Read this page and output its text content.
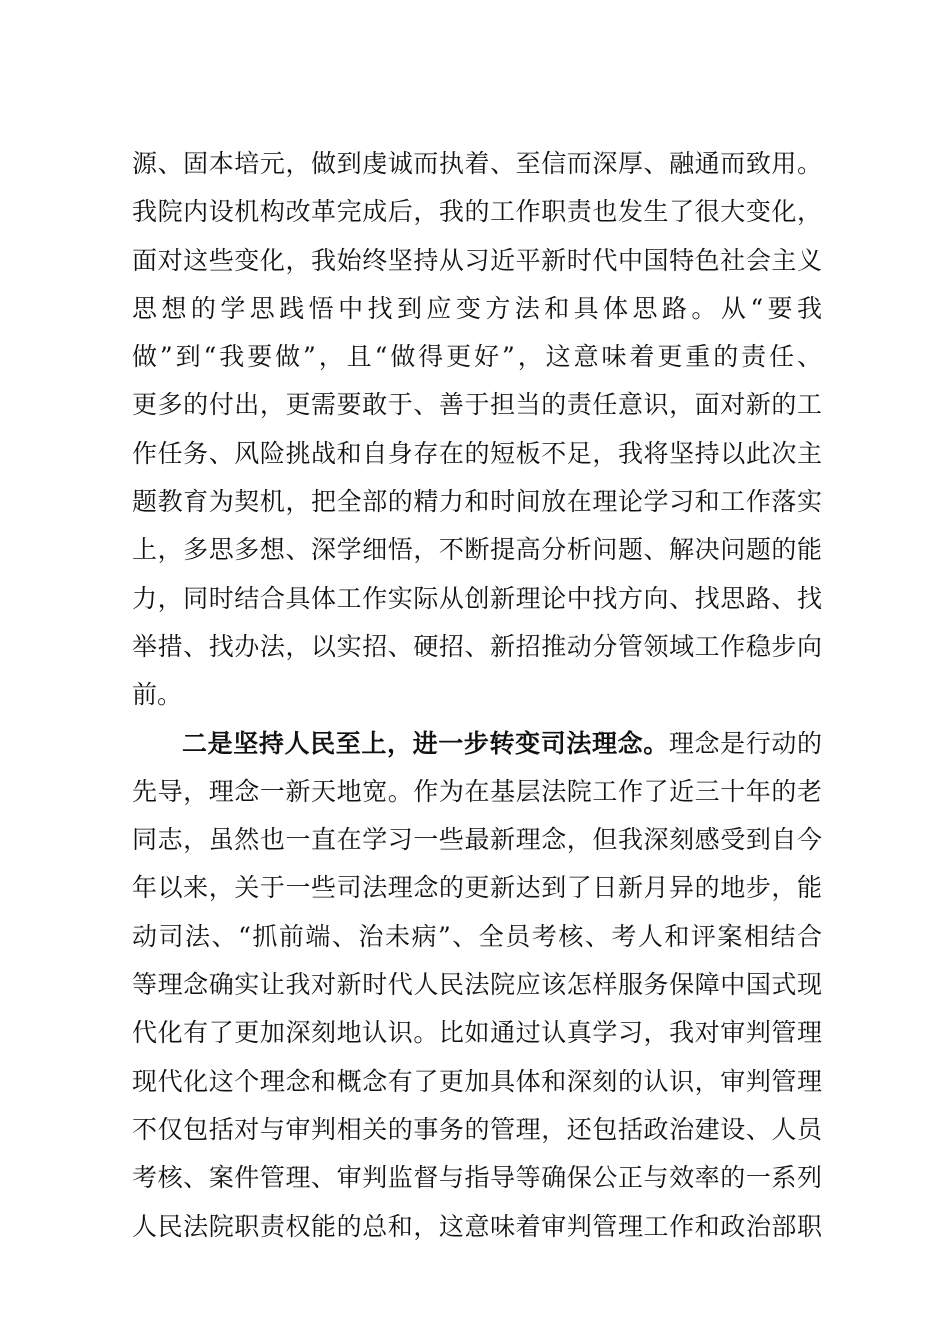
源、固本培元，做到虔诚而执着、至信而深厚、融通而致用。
我院内设机构改革完成后，我的工作职责也发生了很大变化，
面对这些变化，我始终坚持从习近平新时代中国特色社会主义
思想的学思践悟中找到应变方法和具体思路。从“要我
做”到“我要做”，且“做得更好”，这意味着更重的责任、
更多的付出，更需要敢于、善于担当的责任意识，面对新的工
作任务、风险挑战和自身存在的短板不足，我将坚持以此次主
题教育为契机，把全部的精力和时间放在理论学习和工作落实
上，多思多想、深学细悟，不断提高分析问题、解决问题的能
力，同时结合具体工作实际从创新理论中找方向、找思路、找
举措、找办法，以实招、硬招、新招推动分管领域工作稳步向
前。
二是坚持人民至上，进一步转变司法理念。理念是行动的
先导，理念一新天地宽。作为在基层法院工作了近三十年的老
同志，虽然也一直在学习一些最新理念，但我深刻感受到自今
年以来，关于一些司法理念的更新达到了日新月异的地步，能
动司法、“抓前端、治未病”、全员考核、考人和评案相结合
等理念确实让我对新时代人民法院应该怎样服务保障中国式现
代化有了更加深刻地认识。比如通过认真学习，我对审判管理
现代化这个理念和概念有了更加具体和深刻的认识，审判管理
不仅包括对与审判相关的事务的管理，还包括政治建设、人员
考核、案件管理、审判监督与指导等确保公正与效率的一系列
人民法院职责权能的总和，这意味着审判管理工作和政治部职
